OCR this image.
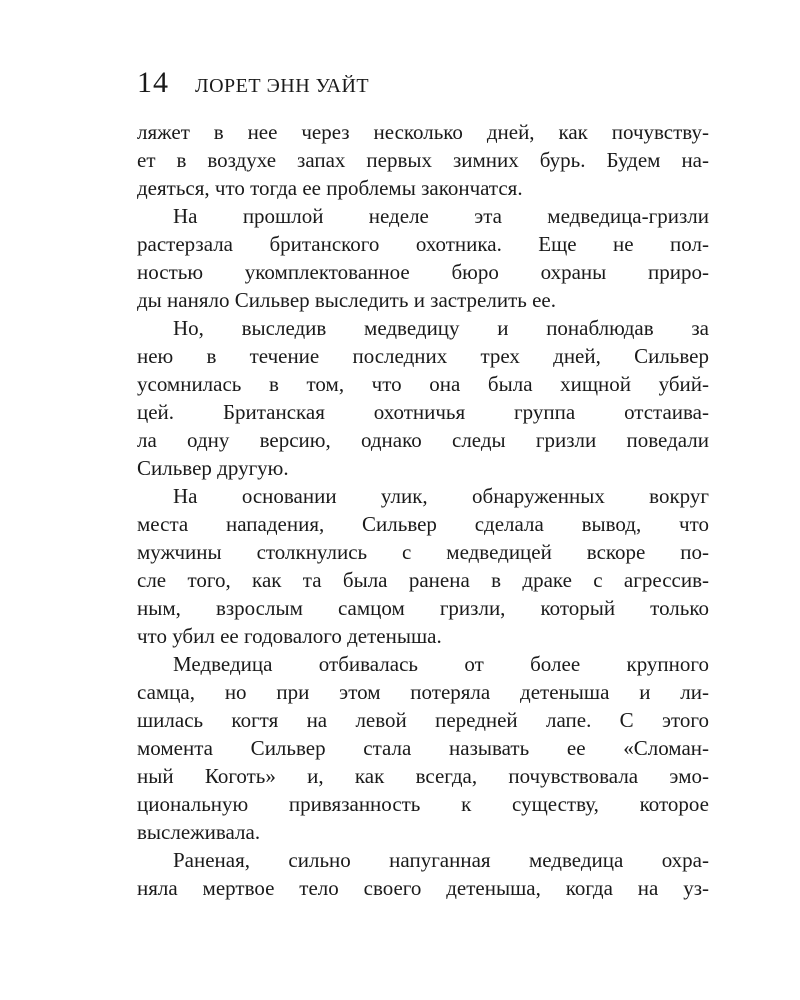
14 ЛОРЕТ ЭНН УАЙТ
ляжет в нее через несколько дней, как почувству-
ет в воздухе запах первых зимних бурь. Будем на-
деяться, что тогда ее проблемы закончатся.
На прошлой неделе эта медведица-гризли
растерзала британского охотника. Еще не пол-
ностью укомплектованное бюро охраны приро-
ды наняло Сильвер выследить и застрелить ее.
Но, выследив медведицу и понаблюдав за
нею в течение последних трех дней, Сильвер
усомнилась в том, что она была хищной убий-
цей. Британская охотничья группа отстаива-
ла одну версию, однако следы гризли поведали
Сильвер другую.
На основании улик, обнаруженных вокруг
места нападения, Сильвер сделала вывод, что
мужчины столкнулись с медведицей вскоре по-
сле того, как та была ранена в драке с агрессив-
ным, взрослым самцом гризли, который только
что убил ее годовалого детеныша.
Медведица отбивалась от более крупного
самца, но при этом потеряла детеныша и ли-
шилась когтя на левой передней лапе. С этого
момента Сильвер стала называть ее «Сломан-
ный Коготь» и, как всегда, почувствовала эмо-
циональную привязанность к существу, которое
выслеживала.
Раненая, сильно напуганная медведица охра-
няла мертвое тело своего детеныша, когда на уз-
